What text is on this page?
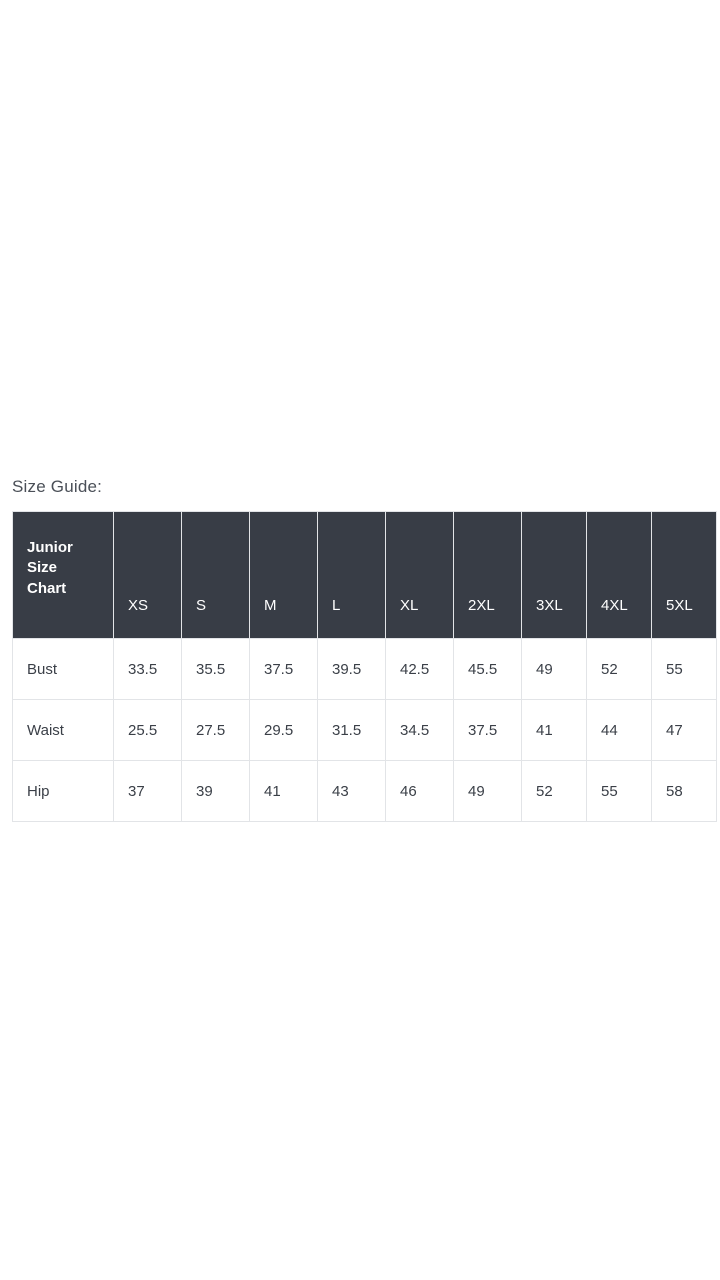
Size Guide:
Junior Size Chart	XS	S	M	L	XL	2XL	3XL	4XL	5XL

Bust	33.5	35.5	37.5	39.5	42.5	45.5	49	52	55

Waist	25.5	27.5	29.5	31.5	34.5	37.5	41	44	47

Hip	37	39	41	43	46	49	52	55	58
